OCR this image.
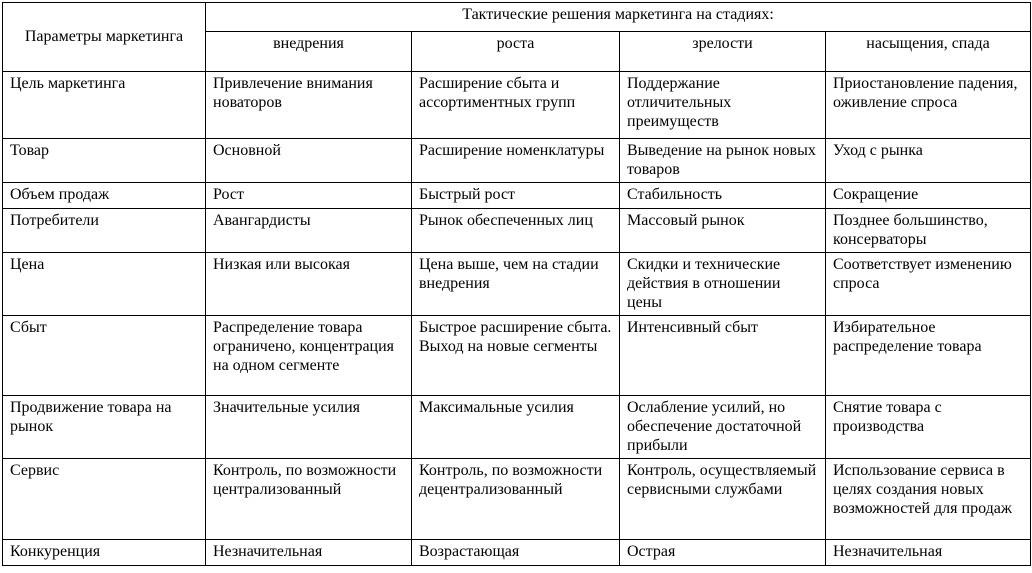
Параметры маркетинга	Тактические решения маркетинга на стадиях:			
	внедрения	роста	зрелости	насыщения, спада
Цель маркетинга	Привлечение внимания новаторов	Расширение сбыта и ассортиментных групп	Поддержание отличительных преимуществ	Приостановление падения, оживление спроса
Товар	Основной	Расширение номенклатуры	Выведение на рынок новых товаров	Уход с рынка
Объем продаж	Рост	Быстрый рост	Стабильность	Сокращение
Потребители	Авангардисты	Рынок обеспеченных лиц	Массовый рынок	Позднее большинство, консерваторы
Цена	Низкая или высокая	Цена выше, чем на стадии внедрения	Скидки и технические действия в отношении цены	Соответствует изменению спроса
Сбыт	Распределение товара ограничено, концентрация на одном сегменте	Быстрое расширение сбыта. Выход на новые сегменты	Интенсивный сбыт	Избирательное распределение товара
Продвижение товара на рынок	Значительные усилия	Максимальные усилия	Ослабление усилий, но обеспечение достаточной прибыли	Снятие товара с производства
Сервис	Контроль, по возможности централизованный	Контроль, по возможности децентрализованный	Контроль, осуществляемый сервисными службами	Использование сервиса в целях создания новых возможностей для продаж
Конкуренция	Незначительная	Возрастающая	Острая	Незначительная
